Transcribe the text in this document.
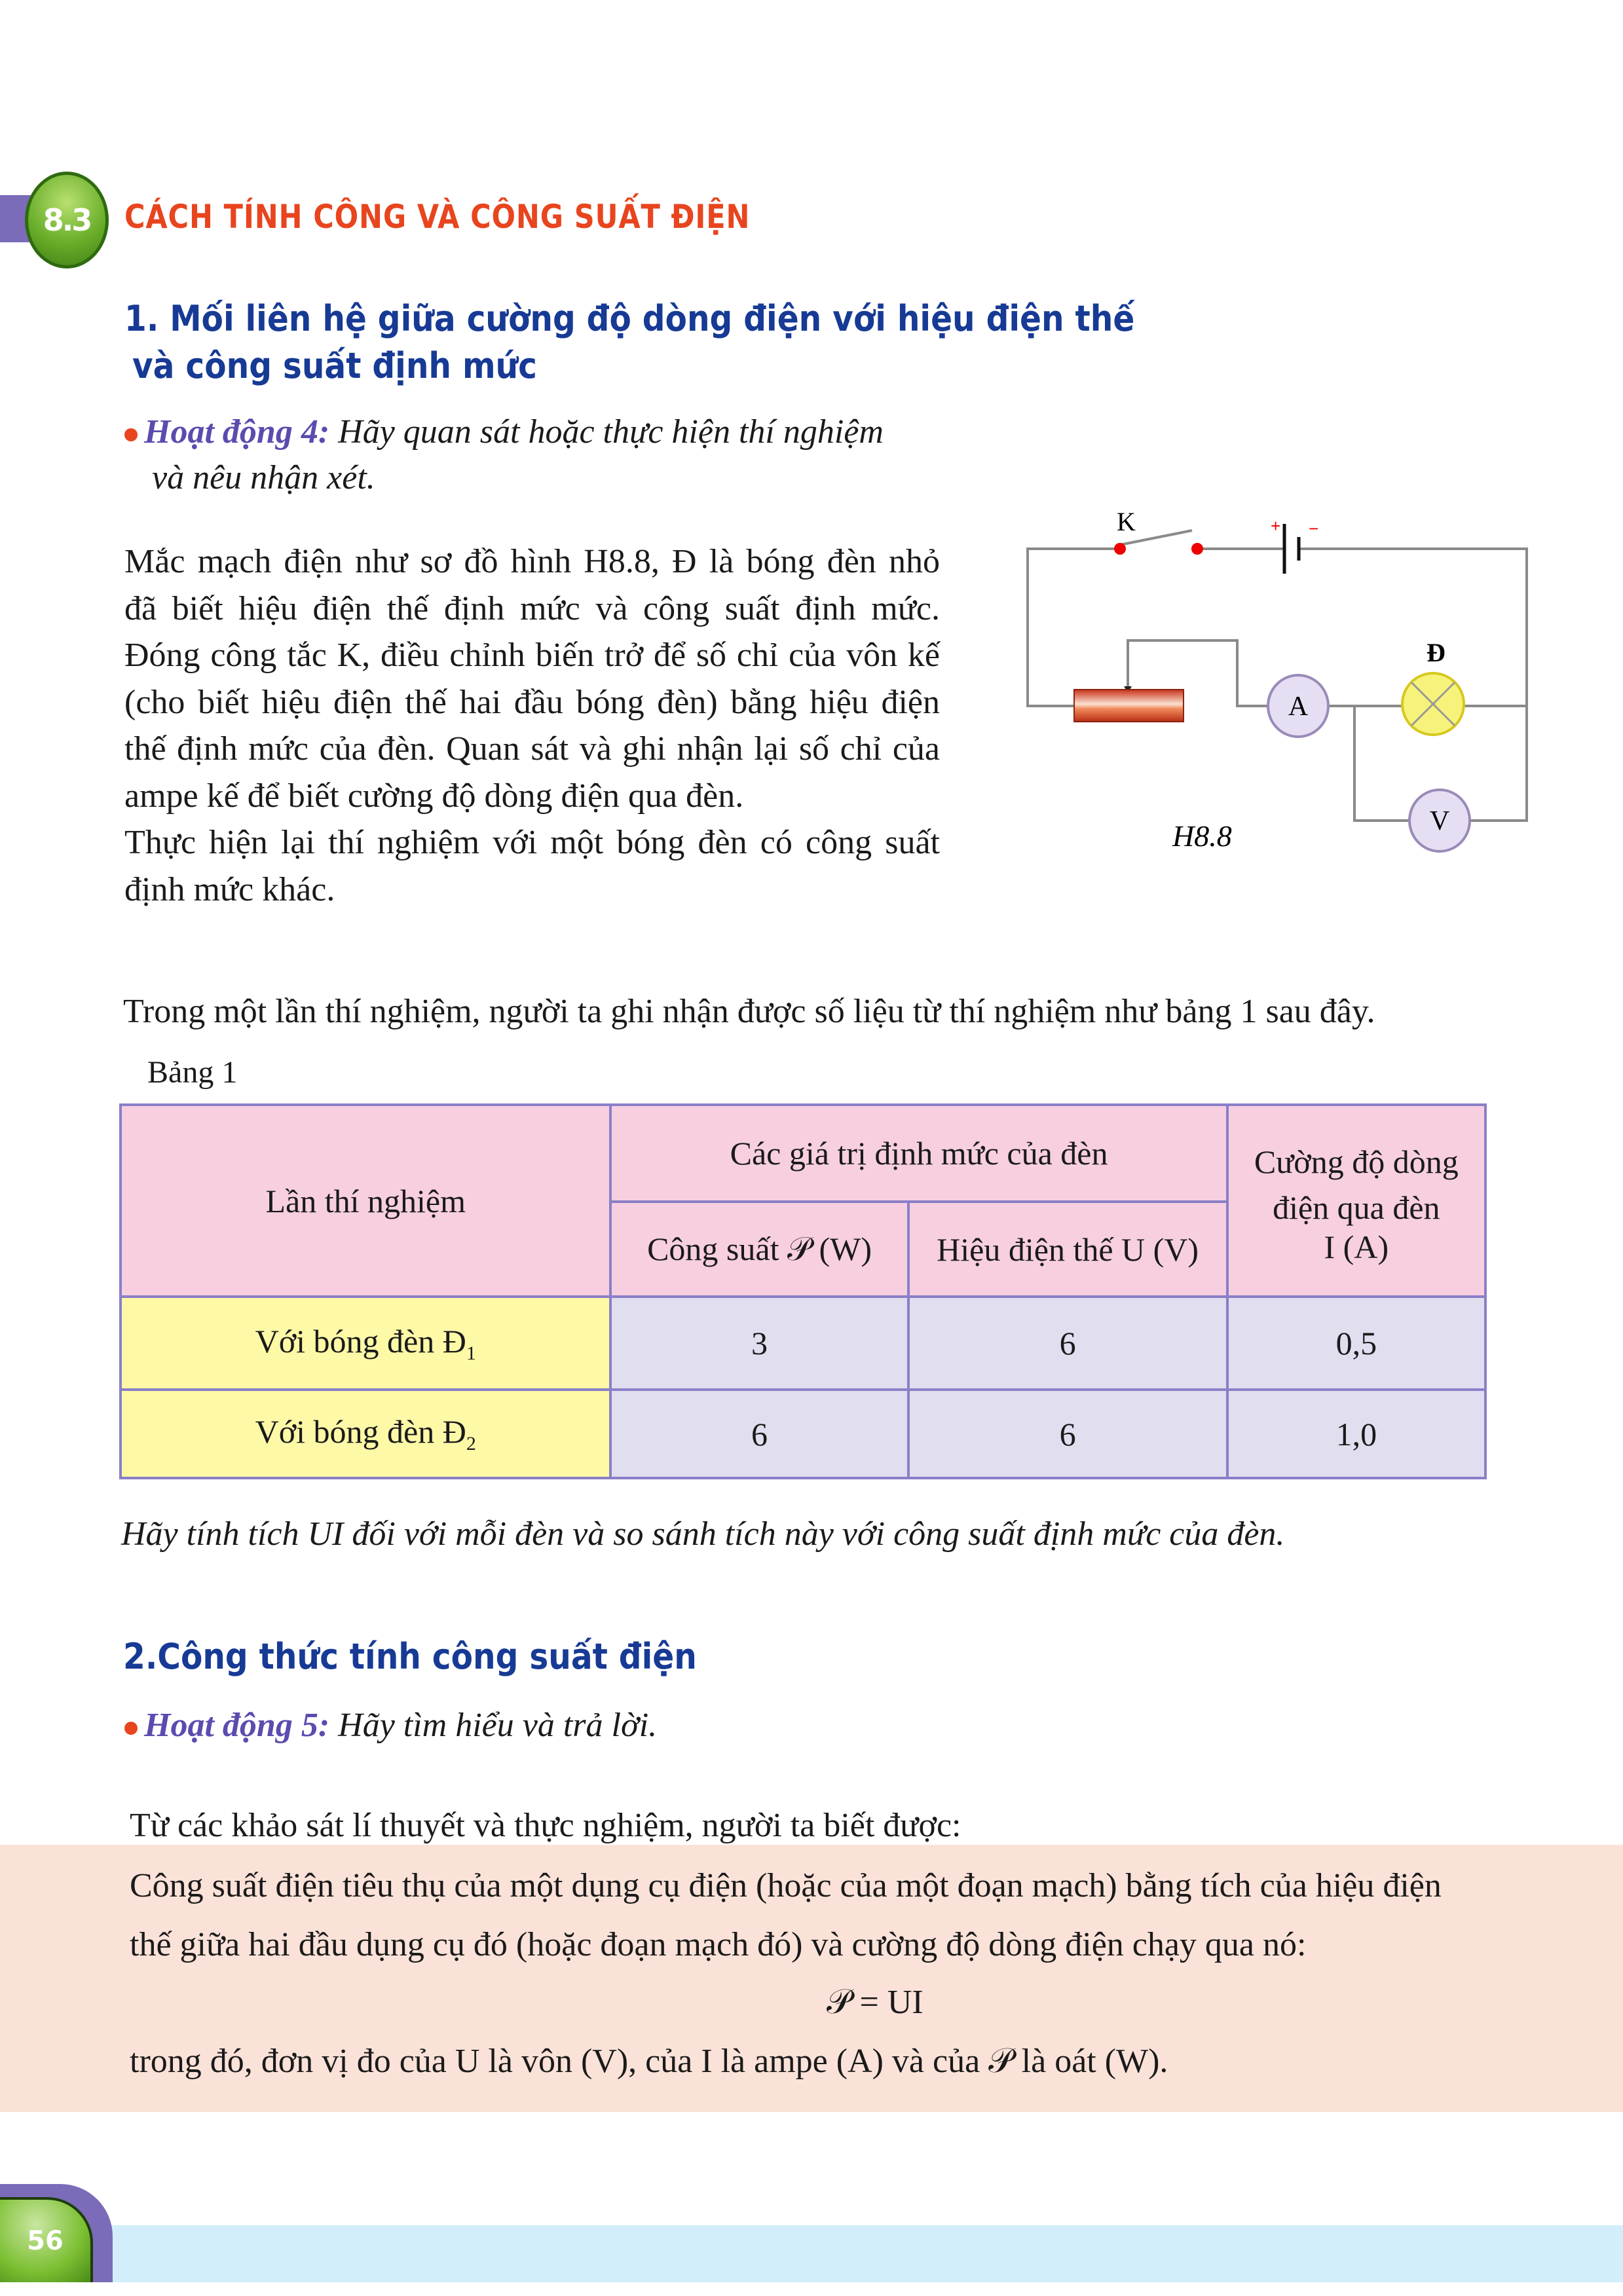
8.3	CÁCH TÍNH CÔNG VÀ CÔNG SUẤT ĐIỆN
1. Mối liên hệ giữa cường độ dòng điện với hiệu điện thế
và công suất định mức
Hoạt động 4: Hãy quan sát hoặc thực hiện thí nghiệm
và nêu nhận xét.
Mắc mạch điện như sơ đồ hình H8.8, Đ là bóng đèn nhỏ
đã biết hiệu điện thế định mức và công suất định mức.
Đóng công tắc K, điều chỉnh biến trở để số chỉ của vôn kế
(cho biết hiệu điện thế hai đầu bóng đèn) bằng hiệu điện
thế định mức của đèn. Quan sát và ghi nhận lại số chỉ của
ampe kế để biết cường độ dòng điện qua đèn.
Thực hiện lại thí nghiệm với một bóng đèn có công suất
định mức khác.
+ −
K
A
Đ
V
H8.8
Trong một lần thí nghiệm, người ta ghi nhận được số liệu từ thí nghiệm như bảng 1 sau đây.
Bảng 1
Lần thí nghiệm	Các giá trị định mức của đèn		Cường độ dòng
điện qua đèn
I (A)

	Công suất 𝒫 (W)	Hiệu điện thế U (V)	
Với bóng đèn $Đ_1$	3	6	0,5
Với bóng đèn $Đ_2$	6	6	1,0
Hãy tính tích UI đối với mỗi đèn và so sánh tích này với công suất định mức của đèn.
2.Công thức tính công suất điện
Hoạt động 5: Hãy tìm hiểu và trả lời.
Từ các khảo sát lí thuyết và thực nghiệm, người ta biết được:
Công suất điện tiêu thụ của một dụng cụ điện (hoặc của một đoạn mạch) bằng tích của hiệu điện
thế giữa hai đầu dụng cụ đó (hoặc đoạn mạch đó) và cường độ dòng điện chạy qua nó:
𝒫 = UI
trong đó, đơn vị đo của U là vôn (V), của I là ampe (A) và của 𝒫 là oát (W).
56
